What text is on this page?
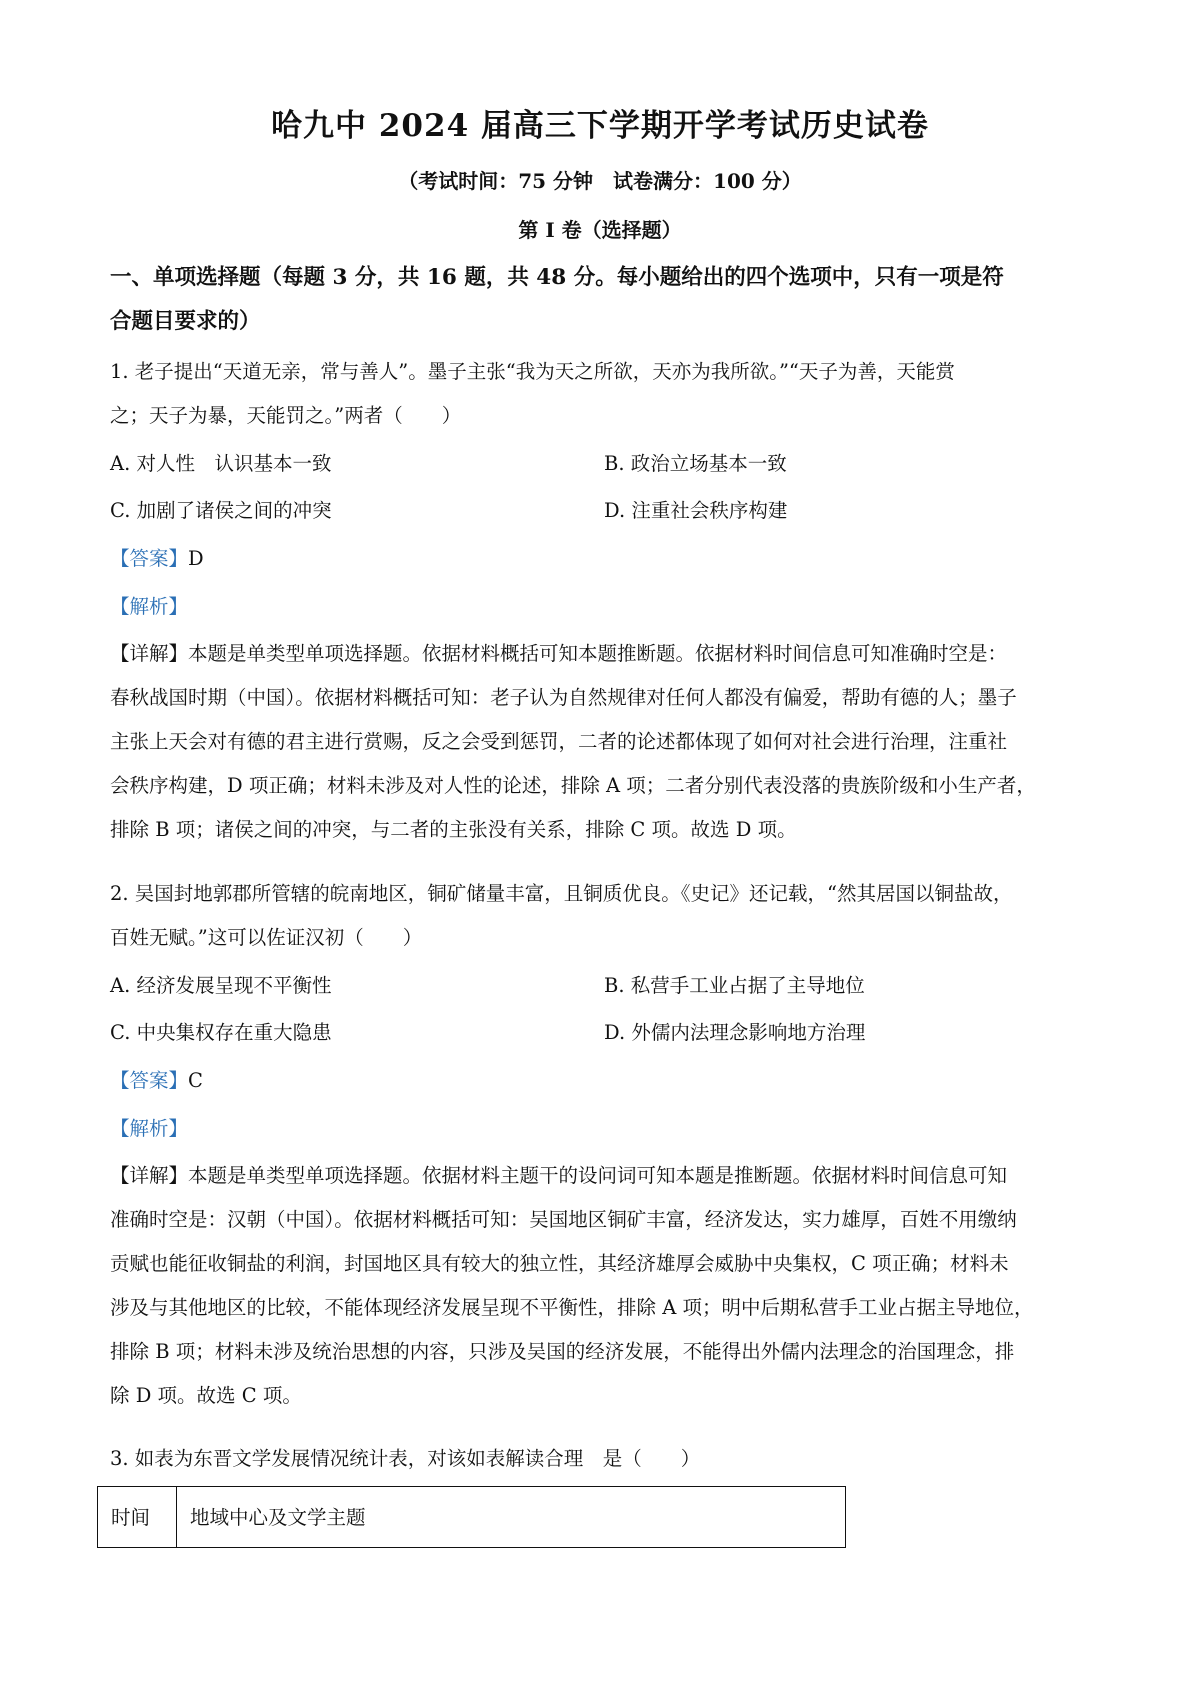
哈九中 2024 届高三下学期开学考试历史试卷
（考试时间：75 分钟　试卷满分：100 分）
第 I 卷（选择题）
一、单项选择题（每题 3 分，共 16 题，共 48 分。每小题给出的四个选项中，只有一项是符
合题目要求的）
1. 老子提出“天道无亲，常与善人”。墨子主张“我为天之所欲，天亦为我所欲。”“天子为善，天能赏
之；天子为暴，天能罚之。”两者（　　）
A. 对人性　认识基本一致	B. 政治立场基本一致
C. 加剧了诸侯之间的冲突	D. 注重社会秩序构建
【答案】D
【解析】
【详解】本题是单类型单项选择题。依据材料概括可知本题推断题。依据材料时间信息可知准确时空是：
春秋战国时期（中国）。依据材料概括可知：老子认为自然规律对任何人都没有偏爱，帮助有德的人；墨子
主张上天会对有德的君主进行赏赐，反之会受到惩罚，二者的论述都体现了如何对社会进行治理，注重社
会秩序构建，D 项正确；材料未涉及对人性的论述，排除 A 项；二者分别代表没落的贵族阶级和小生产者，
排除 B 项；诸侯之间的冲突，与二者的主张没有关系，排除 C 项。故选 D 项。
2. 吴国封地郭郡所管辖的皖南地区，铜矿储量丰富，且铜质优良。《史记》还记载，“然其居国以铜盐故，
百姓无赋。”这可以佐证汉初（　　）
A. 经济发展呈现不平衡性	B. 私营手工业占据了主导地位
C. 中央集权存在重大隐患	D. 外儒内法理念影响地方治理
【答案】C
【解析】
【详解】本题是单类型单项选择题。依据材料主题干的设问词可知本题是推断题。依据材料时间信息可知
准确时空是：汉朝（中国）。依据材料概括可知：吴国地区铜矿丰富，经济发达，实力雄厚，百姓不用缴纳
贡赋也能征收铜盐的利润，封国地区具有较大的独立性，其经济雄厚会威胁中央集权，C 项正确；材料未
涉及与其他地区的比较，不能体现经济发展呈现不平衡性，排除 A 项；明中后期私营手工业占据主导地位，
排除 B 项；材料未涉及统治思想的内容，只涉及吴国的经济发展，不能得出外儒内法理念的治国理念，排
除 D 项。故选 C 项。
3. 如表为东晋文学发展情况统计表，对该如表解读合理　是（　　）
时间	地域中心及文学主题
